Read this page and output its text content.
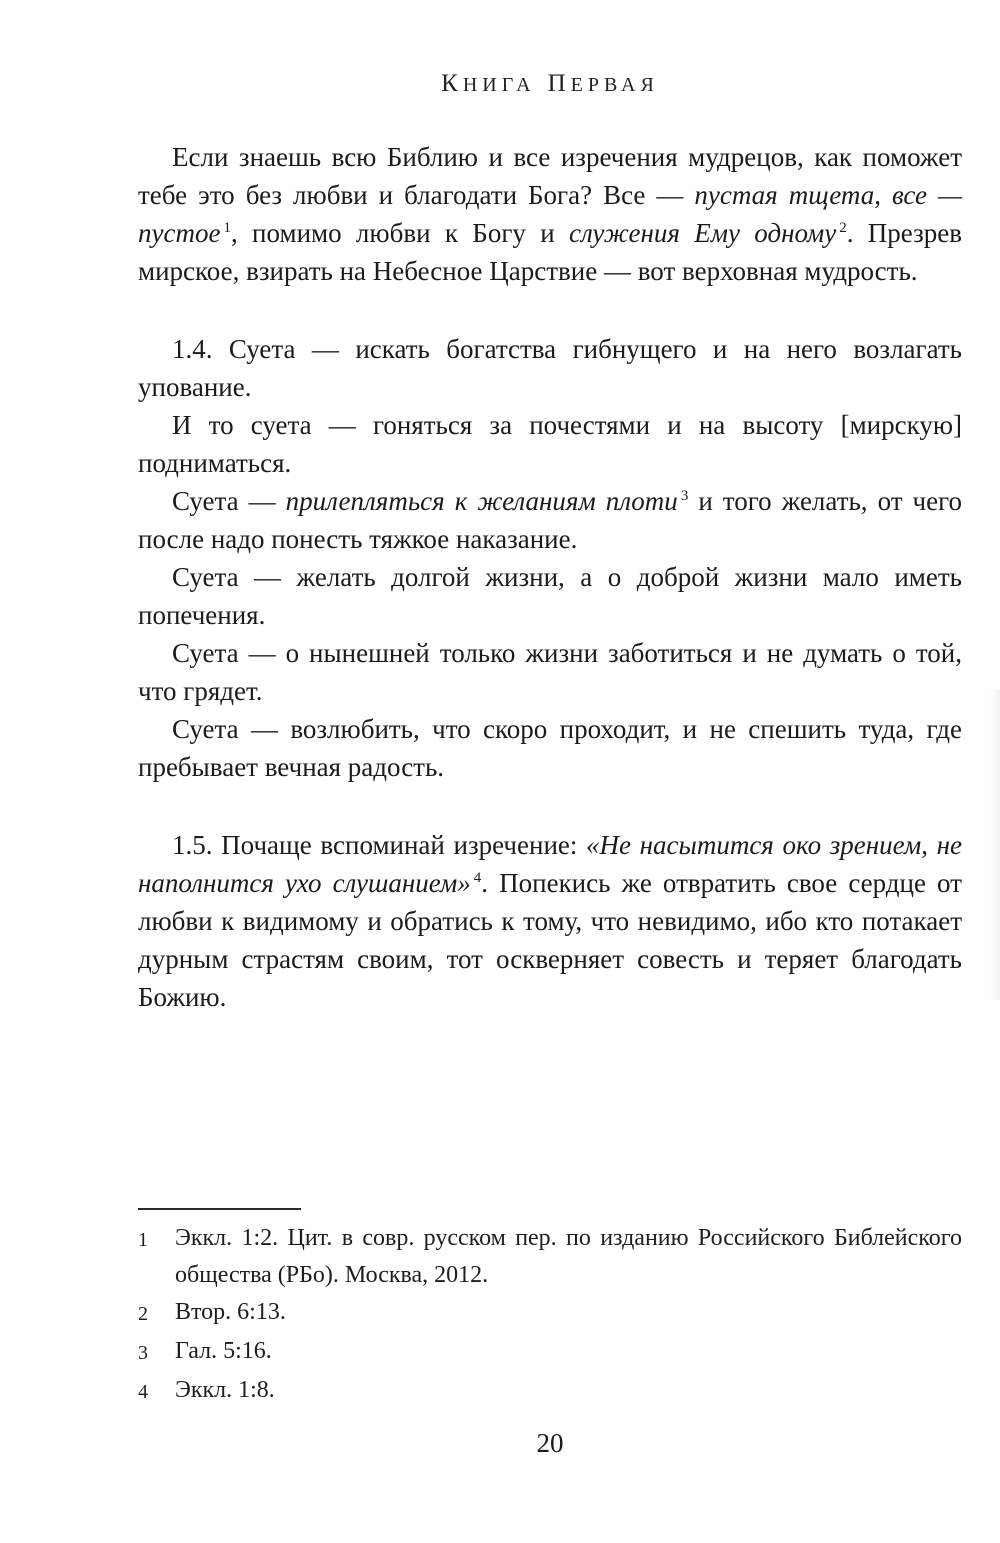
КНИГА ПЕРВАЯ

Если знаешь всю Библию и все изречения мудрецов, как поможет тебе это без любви и благодати Бога? Все — пустая тщета, все — пустое $^1$, помимо любви к Богу и служения Ему одному $^2$. Презрев мирское, взирать на Небесное Царствие — вот верховная мудрость.

1.4. Суета — искать богатства гибнущего и на него возлагать упование.

И то суета — гоняться за почестями и на высоту [мирскую] подниматься.

Суета — прилепляться к желаниям плоти $^3$ и того желать, от чего после надо понесть тяжкое наказание.

Суета — желать долгой жизни, а о доброй жизни мало иметь попечения.

Суета — о нынешней только жизни заботиться и не думать о той, что грядет.

Суета — возлюбить, что скоро проходит, и не спешить туда, где пребывает вечная радость.

1.5. Почаще вспоминай изречение: «Не насытится око зрением, не наполнится ухо слушанием» $^4$. Попекись же отвратить свое сердце от любви к видимому и обратись к тому, что невидимо, ибо кто потакает дурным страстям своим, тот оскверняет совесть и теряет благодать Божию.

1	Эккл. 1:2. Цит. в совр. русском пер. по изданию Российского Библейского общества (РБо). Москва, 2012.
2	Втор. 6:13.
3	Гал. 5:16.
4	Эккл. 1:8.
20
